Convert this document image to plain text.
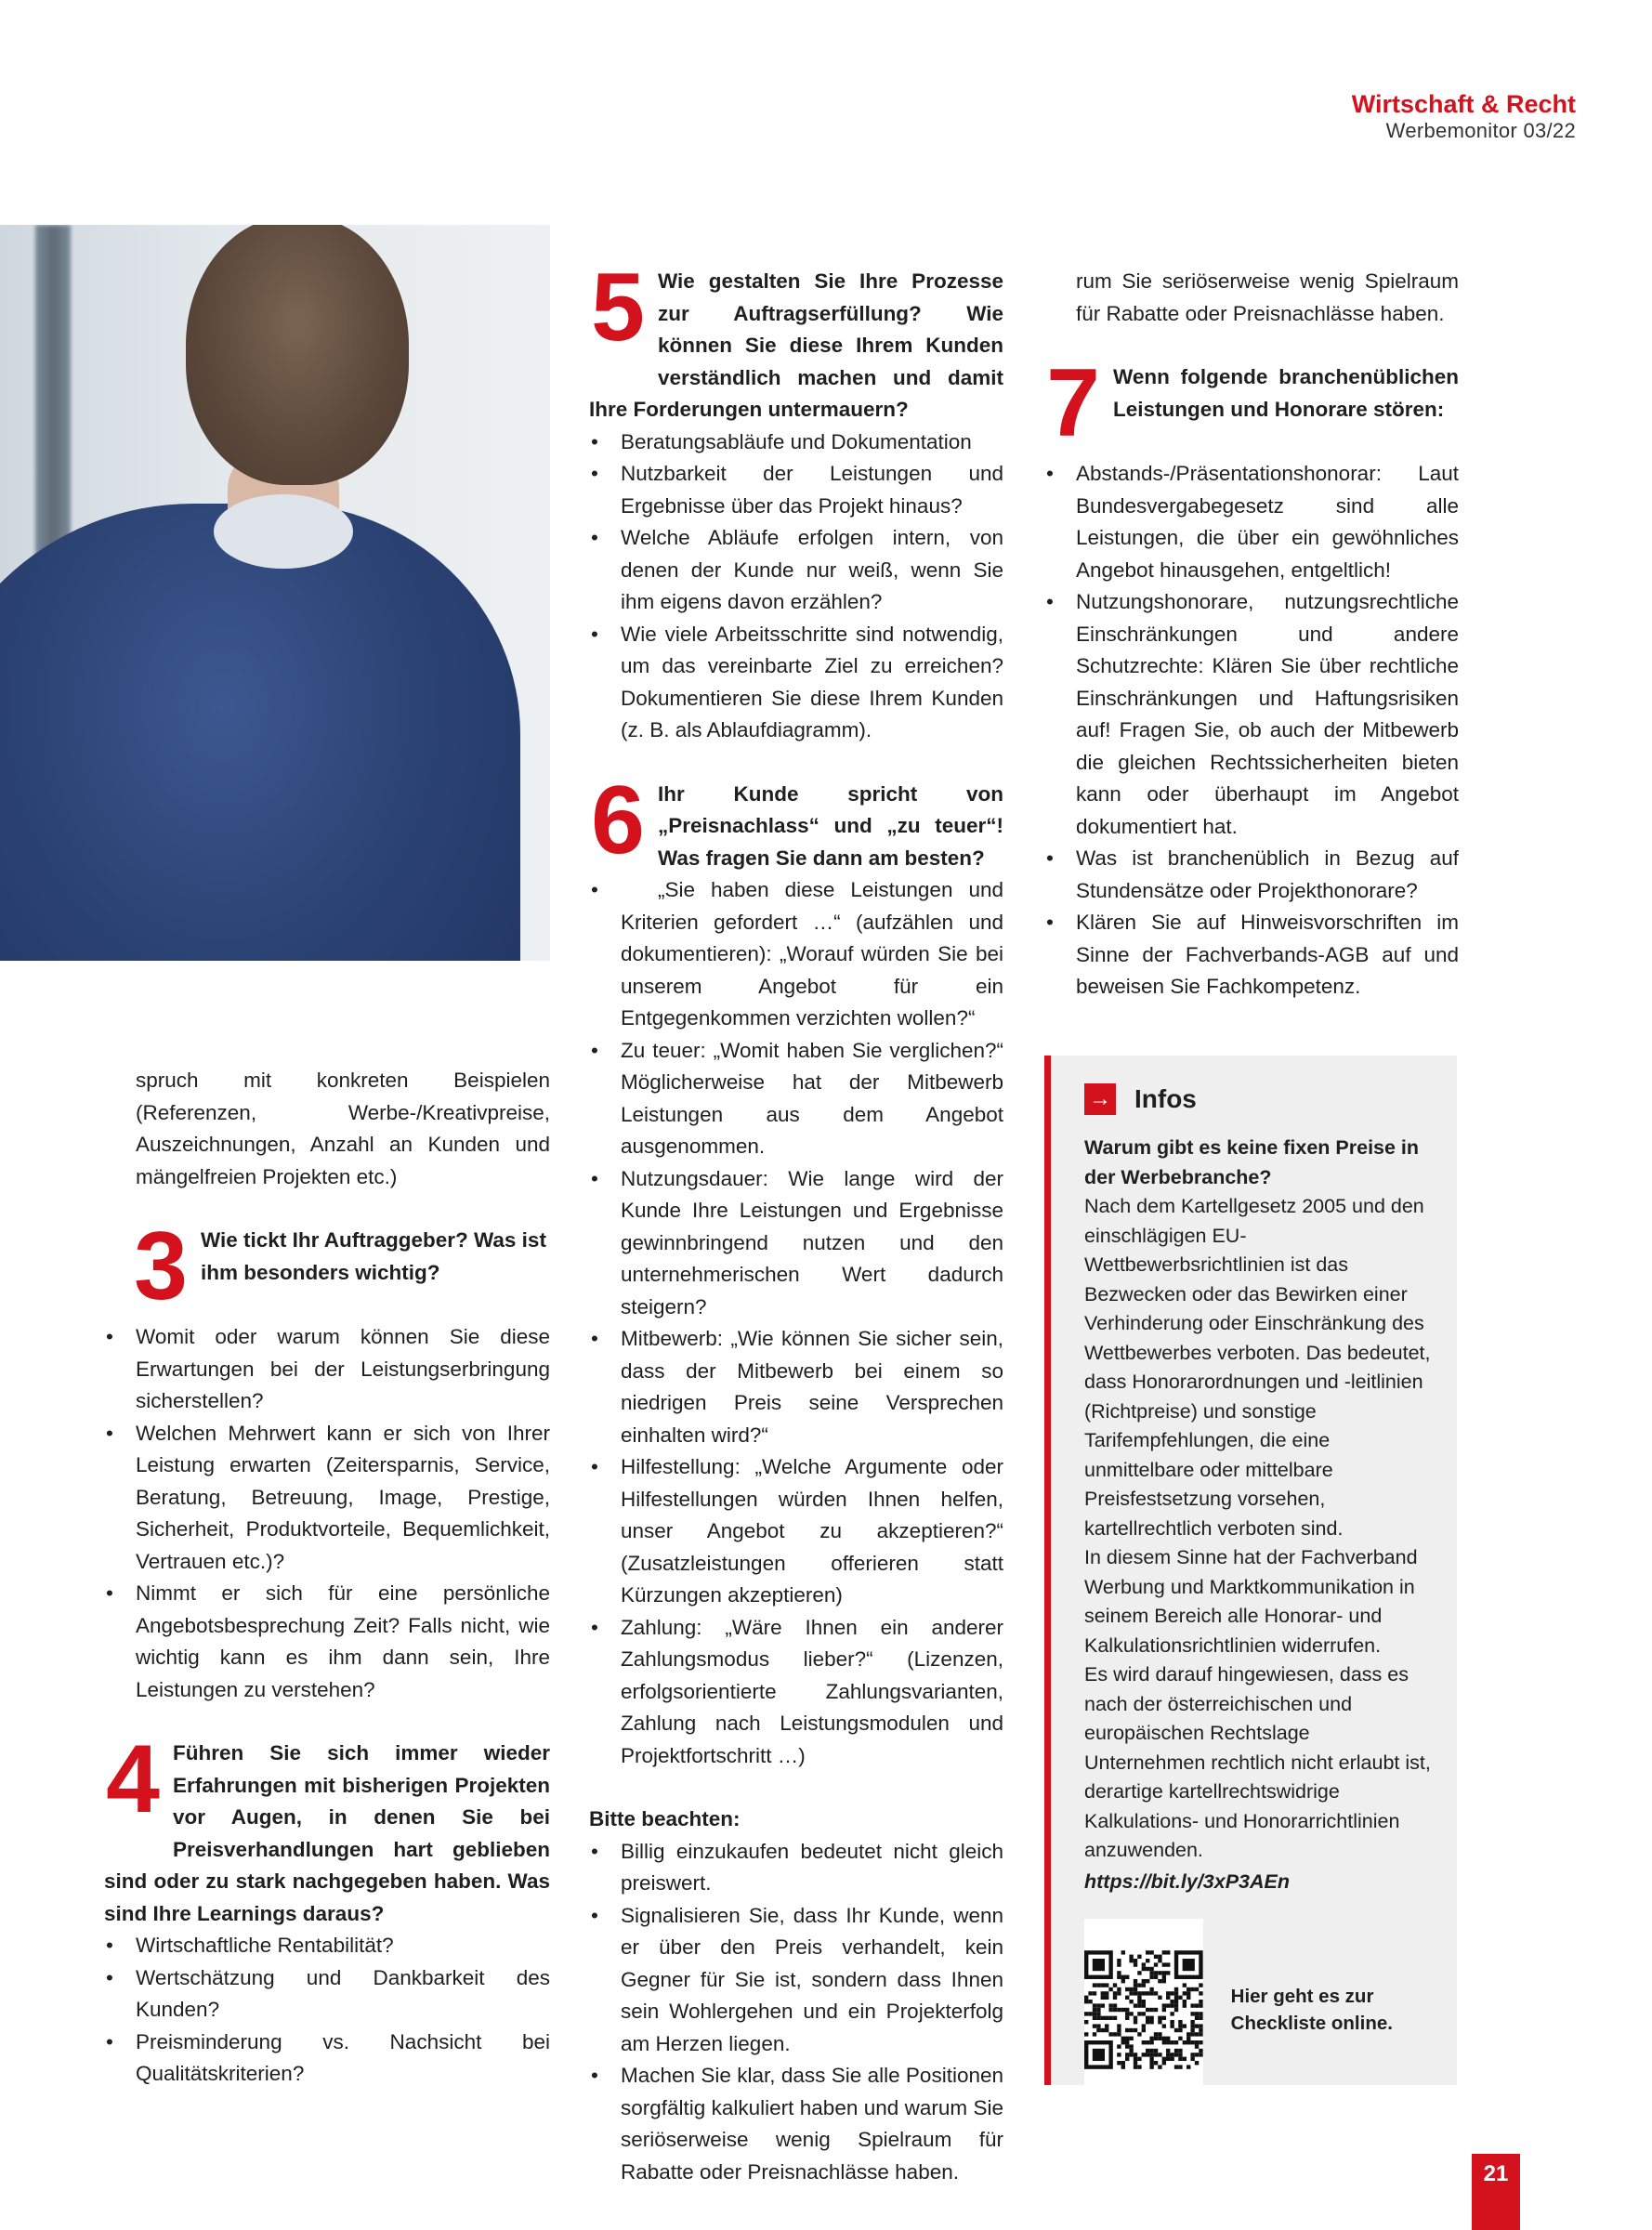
Wirtschaft & Recht
Werbemonitor 03/22

spruch mit konkreten Beispielen (Referenzen, Werbe-/Kreativpreise, Auszeichnungen, Anzahl an Kunden und mängelfreien Projekten etc.)

3 Wie tickt Ihr Auftraggeber? Was ist ihm besonders wichtig?

• Womit oder warum können Sie diese Erwartungen bei der Leistungserbringung sicherstellen?
• Welchen Mehrwert kann er sich von Ihrer Leistung erwarten (Zeitersparnis, Service, Beratung, Betreuung, Image, Prestige, Sicherheit, Produktvorteile, Bequemlichkeit, Vertrauen etc.)?
• Nimmt er sich für eine persönliche Angebotsbesprechung Zeit? Falls nicht, wie wichtig kann es ihm dann sein, Ihre Leistungen zu verstehen?
4 Führen Sie sich immer wieder Erfahrungen mit bisherigen Projekten vor Augen, in denen Sie bei Preisverhandlungen hart geblieben sind oder zu stark nachgegeben haben. Was sind Ihre Learnings daraus?

• Wirtschaftliche Rentabilität?
• Wertschätzung und Dankbarkeit des Kunden?
• Preisminderung vs. Nachsicht bei Qualitätskriterien?
5 Wie gestalten Sie Ihre Prozesse zur Auftragserfüllung? Wie können Sie diese Ihrem Kunden verständlich machen und damit Ihre Forderungen untermauern?

• Beratungsabläufe und Dokumentation
• Nutzbarkeit der Leistungen und Ergebnisse über das Projekt hinaus?
• Welche Abläufe erfolgen intern, von denen der Kunde nur weiß, wenn Sie ihm eigens davon erzählen?
• Wie viele Arbeitsschritte sind notwendig, um das vereinbarte Ziel zu erreichen? Dokumentieren Sie diese Ihrem Kunden (z. B. als Ablaufdiagramm).
6 Ihr Kunde spricht von „Preisnachlass“ und „zu teuer“! Was fragen Sie dann am besten?

• „Sie haben diese Leistungen und Kriterien gefordert …“ (aufzählen und dokumentieren): „Worauf würden Sie bei unserem Angebot für ein Entgegenkommen verzichten wollen?“
• Zu teuer: „Womit haben Sie verglichen?“ Möglicherweise hat der Mitbewerb Leistungen aus dem Angebot ausgenommen.
• Nutzungsdauer: Wie lange wird der Kunde Ihre Leistungen und Ergebnisse gewinnbringend nutzen und den unternehmerischen Wert dadurch steigern?
• Mitbewerb: „Wie können Sie sicher sein, dass der Mitbewerb bei einem so niedrigen Preis seine Versprechen einhalten wird?“
• Hilfestellung: „Welche Argumente oder Hilfestellungen würden Ihnen helfen, unser Angebot zu akzeptieren?“ (Zusatzleistungen offerieren statt Kürzungen akzeptieren)
• Zahlung: „Wäre Ihnen ein anderer Zahlungsmodus lieber?“ (Lizenzen, erfolgsorientierte Zahlungsvarianten, Zahlung nach Leistungsmodulen und Projektfortschritt …)

Bitte beachten:

• Billig einzukaufen bedeutet nicht gleich preiswert.
• Signalisieren Sie, dass Ihr Kunde, wenn er über den Preis verhandelt, kein Gegner für Sie ist, sondern dass Ihnen sein Wohlergehen und ein Projekterfolg am Herzen liegen.
• Machen Sie klar, dass Sie alle Positionen sorgfältig kalkuliert haben und warum Sie seriöserweise wenig Spielraum für Rabatte oder Preisnachlässe haben.

rum Sie seriöserweise wenig Spielraum für Rabatte oder Preisnachlässe haben.

7 Wenn folgende branchenüblichen Leistungen und Honorare stören:

• Abstands-/Präsentationshonorar: Laut Bundesvergabegesetz sind alle Leistungen, die über ein gewöhnliches Angebot hinausgehen, entgeltlich!
• Nutzungshonorare, nutzungsrechtliche Einschränkungen und andere Schutzrechte: Klären Sie über rechtliche Einschränkungen und Haftungsrisiken auf! Fragen Sie, ob auch der Mitbewerb die gleichen Rechtssicherheiten bieten kann oder überhaupt im Angebot dokumentiert hat.
• Was ist branchenüblich in Bezug auf Stundensätze oder Projekthonorare?
• Klären Sie auf Hinweisvorschriften im Sinne der Fachverbands-AGB auf und beweisen Sie Fachkompetenz.
→ Infos
Warum gibt es keine fixen Preise in der Werbebranche?
Nach dem Kartellgesetz 2005 und den einschlägigen EU-Wettbewerbsrichtlinien ist das Bezwecken oder das Bewirken einer Verhinderung oder Einschränkung des Wettbewerbes verboten. Das bedeutet, dass Honorarordnungen und -leitlinien (Richtpreise) und sonstige Tarifempfehlungen, die eine unmittelbare oder mittelbare Preisfestsetzung vorsehen, kartellrechtlich verboten sind.
In diesem Sinne hat der Fachverband Werbung und Marktkommunikation in seinem Bereich alle Honorar- und Kalkulationsrichtlinien widerrufen.
Es wird darauf hingewiesen, dass es nach der österreichischen und europäischen Rechtslage Unternehmen rechtlich nicht erlaubt ist, derartige kartellrechtswidrige Kalkulations- und Honorarrichtlinien anzuwenden.
https://bit.ly/3xP3AEn
Hier geht es zur Checkliste online.
21
